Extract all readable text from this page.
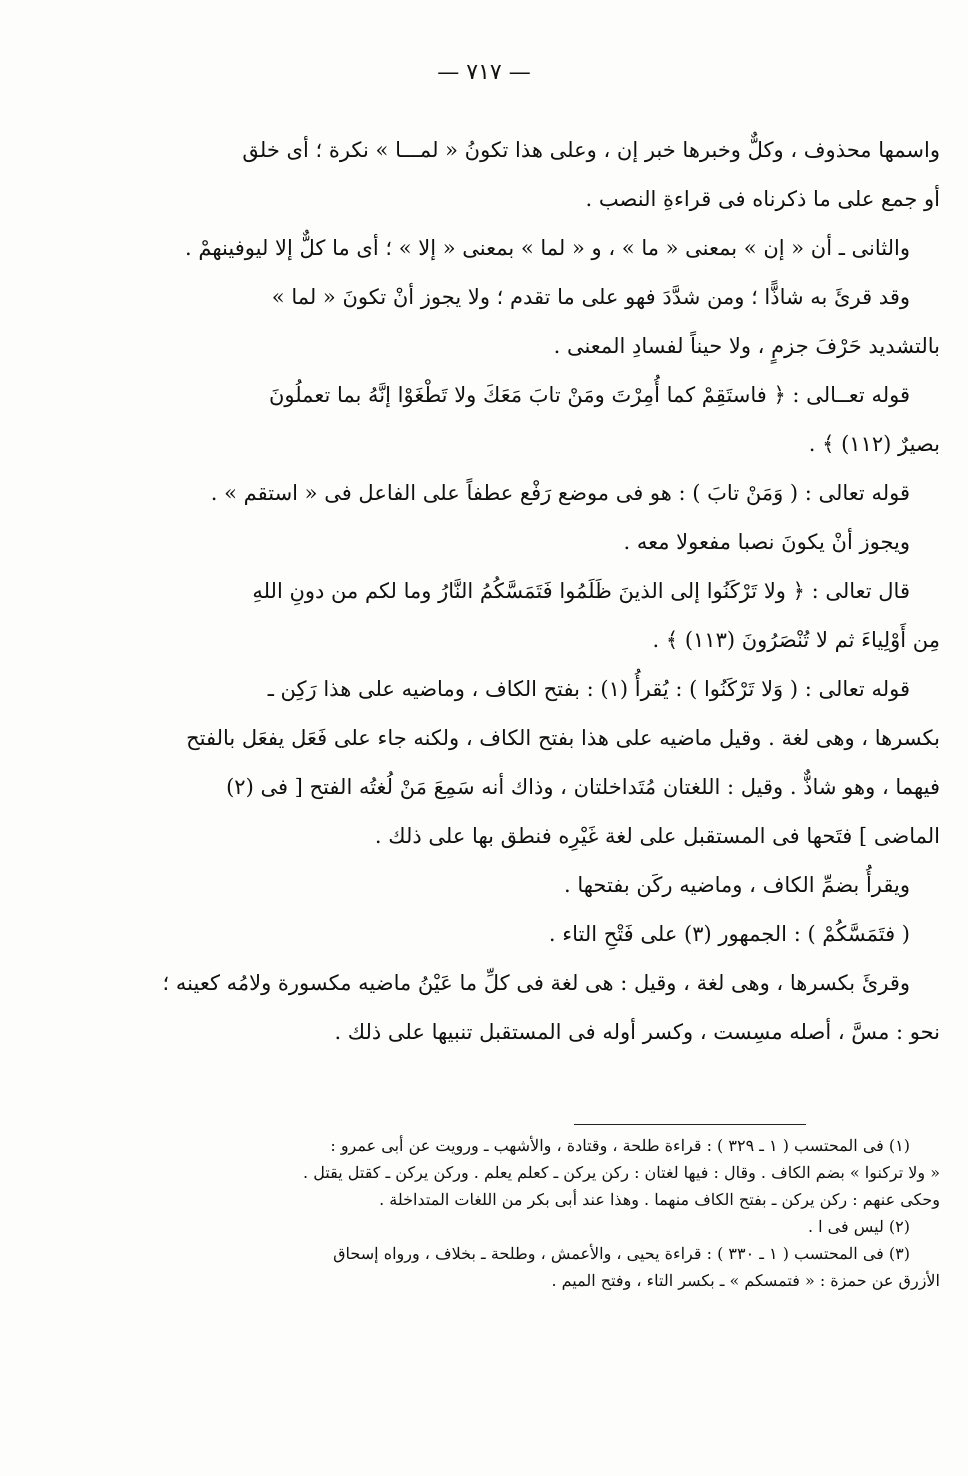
— ٧١٧ —
واسمها محذوف ، وكلٌّ وخبرها خبر إن ، وعلى هذا تكونُ « لمـــا » نكرة ؛ أى خلق
أو جمع على ما ذكرناه فى قراءةِ النصب .
والثانى ـ أن « إن » بمعنى « ما » ، و « لما » بمعنى « إلا » ؛ أى ما كلٌّ إلا ليوفينهمْ .
وقد قرئَ به شاذًّا ؛ ومن شدَّدَ فهو على ما تقدم ؛ ولا يجوز أنْ تكونَ « لما »
بالتشديد حَرْفَ جزمٍ ، ولا حيناً لفسادِ المعنى .
قوله تعــالى : ﴿ فاستَقِمْ كما أُمِرْتَ ومَنْ تابَ مَعَكَ ولا تَطْغَوْا إنَّهُ بما تعملُونَ
بصيرٌ (١١٢) ﴾ .
قوله تعالى : ( وَمَنْ تابَ ) : هو فى موضع رَفْع عطفاً على الفاعل فى « استقم » .
ويجوز أنْ يكونَ نصبا مفعولا معه .
قال تعالى : ﴿ ولا تَرْكَنُوا إلى الذينَ ظَلَمُوا فَتَمَسَّكُمُ النَّارُ وما لكم من دونِ اللهِ
مِن أَوْلِياءَ ثم لا تُنْصَرُونَ (١١٣) ﴾ .
قوله تعالى : ( وَلا تَرْكَنُوا ) : يُقرأُ (١) : بفتح الكاف ، وماضيه على هذا رَكِن ـ
بكسرها ، وهى لغة . وقيل ماضيه على هذا بفتح الكاف ، ولكنه جاء على فَعَل يفعَل بالفتح
فيهما ، وهو شاذٌّ . وقيل : اللغتان مُتَداخلتان ، وذاك أنه سَمِعَ مَنْ لُغتُه الفتح [ فى (٢)
الماضى ] فتَحها فى المستقبل على لغة غَيْرِه فنطق بها على ذلك .
ويقرأُ بضمِّ الكاف ، وماضيه ركَن بفتحها .
( فتَمَسَّكُمْ ) : الجمهور (٣) على فَتْحِ التاء .
وقرئَ بكسرها ، وهى لغة ، وقيل : هى لغة فى كلِّ ما عَيْنُ ماضيه مكسورة ولامُه كعينه ؛
نحو : مسَّ ، أصله مسِست ، وكسر أوله فى المستقبل تنبيها على ذلك .
(١) فى المحتسب ( ١ ـ ٣٢٩ ) : قراءة طلحة ، وقتادة ، والأشهب ـ ورويت عن أبى عمرو :
« ولا تركنوا » بضم الكاف . وقال : فيها لغتان : ركن يركن ـ كعلم يعلم . وركن يركن ـ كقتل يقتل .
وحكى عنهم : ركن يركن ـ بفتح الكاف منهما . وهذا عند أبى بكر من اللغات المتداخلة .
(٢) ليس فى ا .
(٣) فى المحتسب ( ١ ـ ٣٣٠ ) : قراءة يحيى ، والأعمش ، وطلحة ـ بخلاف ، ورواه إسحاق
الأزرق عن حمزة : « فتمسكم » ـ بكسر التاء ، وفتح الميم .
